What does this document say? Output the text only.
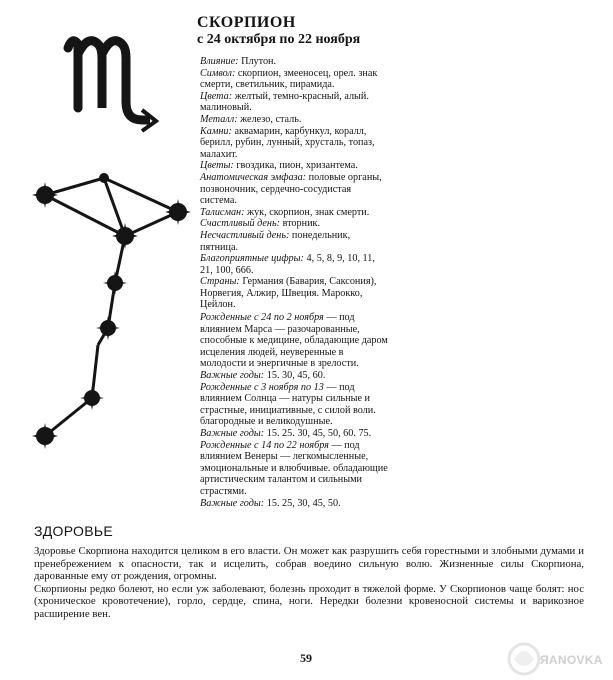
СКОРПИОН
с 24 октября по 22 ноября

Влияние: Плутон.

Символ: скорпион, змееносец, орел. знак смерти, светильник, пирамида.

Цвета: желтый, темно-красный, алый. малиновый.

Металл: железо, сталь.

Камни: аквамарин, карбункул, коралл, берилл, рубин, лунный, хрусталь, топаз, малахит.

Цветы: гвоздика, пион, хризантема.

Анатомическая эмфаза: половые органы, позвоночник, сердечно-сосудистая система.

Талисман: жук, скорпион, знак смерти.

Счастливый день: вторник.

Несчастливый день: понедельник, пятница.

Благоприятные цифры: 4, 5, 8, 9, 10, 11, 21, 100, 666.

Страны: Германия (Бавария, Саксония), Норвегия, Алжир, Швеция. Марокко, Цейлон.

Рожденные с 24 по 2 ноября — под влиянием Марса — разочарованные, способные к медицине, обладающие даром исцеления людей, неуверенные в молодости и энергичные в зрелости.

Важные годы: 15. 30, 45, 60.

Рожденные с 3 ноября по 13 — под влиянием Солнца — натуры сильные и страстные, инициативные, с силой воли. благородные и великодушные.

Важные годы: 15. 25. 30, 45, 50, 60. 75.

Рожденные с 14 по 22 ноября — под влиянием Венеры — легкомысленные, эмоциональные и влюбчивые. обладающие артистическим талантом и сильными страстями.

Важные годы: 15. 25, 30, 45, 50.

ЗДОРОВЬЕ

Здоровье Скорпиона находится целиком в его власти. Он может как разрушить себя горестными и злобными думами и пренебрежением к опасности, так и исцелить, собрав воедино сильную волю. Жизненные силы Скорпиона, дарованные ему от рождения, огромны.

Скорпионы редко болеют, но если уж заболевают, болезнь проходит в тяжелой форме. У Скорпионов чаще болят: нос (хроническое кровотечение), горло, сердце, спина, ноги. Нередки болезни кровеносной системы и варикозное расширение вен.

59	ЯANOVKA
